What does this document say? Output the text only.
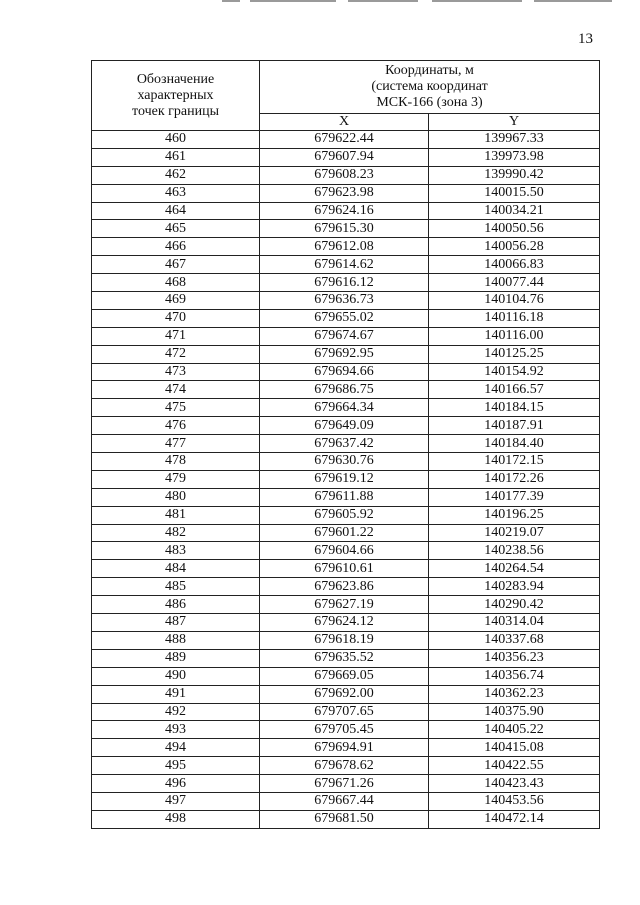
13
Обозначение
характерных
точек границы	Координаты, м
(система координат
МСК-166 (зона 3)	
	X	Y
460	679622.44	139967.33
461	679607.94	139973.98
462	679608.23	139990.42
463	679623.98	140015.50
464	679624.16	140034.21
465	679615.30	140050.56
466	679612.08	140056.28
467	679614.62	140066.83
468	679616.12	140077.44
469	679636.73	140104.76
470	679655.02	140116.18
471	679674.67	140116.00
472	679692.95	140125.25
473	679694.66	140154.92
474	679686.75	140166.57
475	679664.34	140184.15
476	679649.09	140187.91
477	679637.42	140184.40
478	679630.76	140172.15
479	679619.12	140172.26
480	679611.88	140177.39
481	679605.92	140196.25
482	679601.22	140219.07
483	679604.66	140238.56
484	679610.61	140264.54
485	679623.86	140283.94
486	679627.19	140290.42
487	679624.12	140314.04
488	679618.19	140337.68
489	679635.52	140356.23
490	679669.05	140356.74
491	679692.00	140362.23
492	679707.65	140375.90
493	679705.45	140405.22
494	679694.91	140415.08
495	679678.62	140422.55
496	679671.26	140423.43
497	679667.44	140453.56
498	679681.50	140472.14
